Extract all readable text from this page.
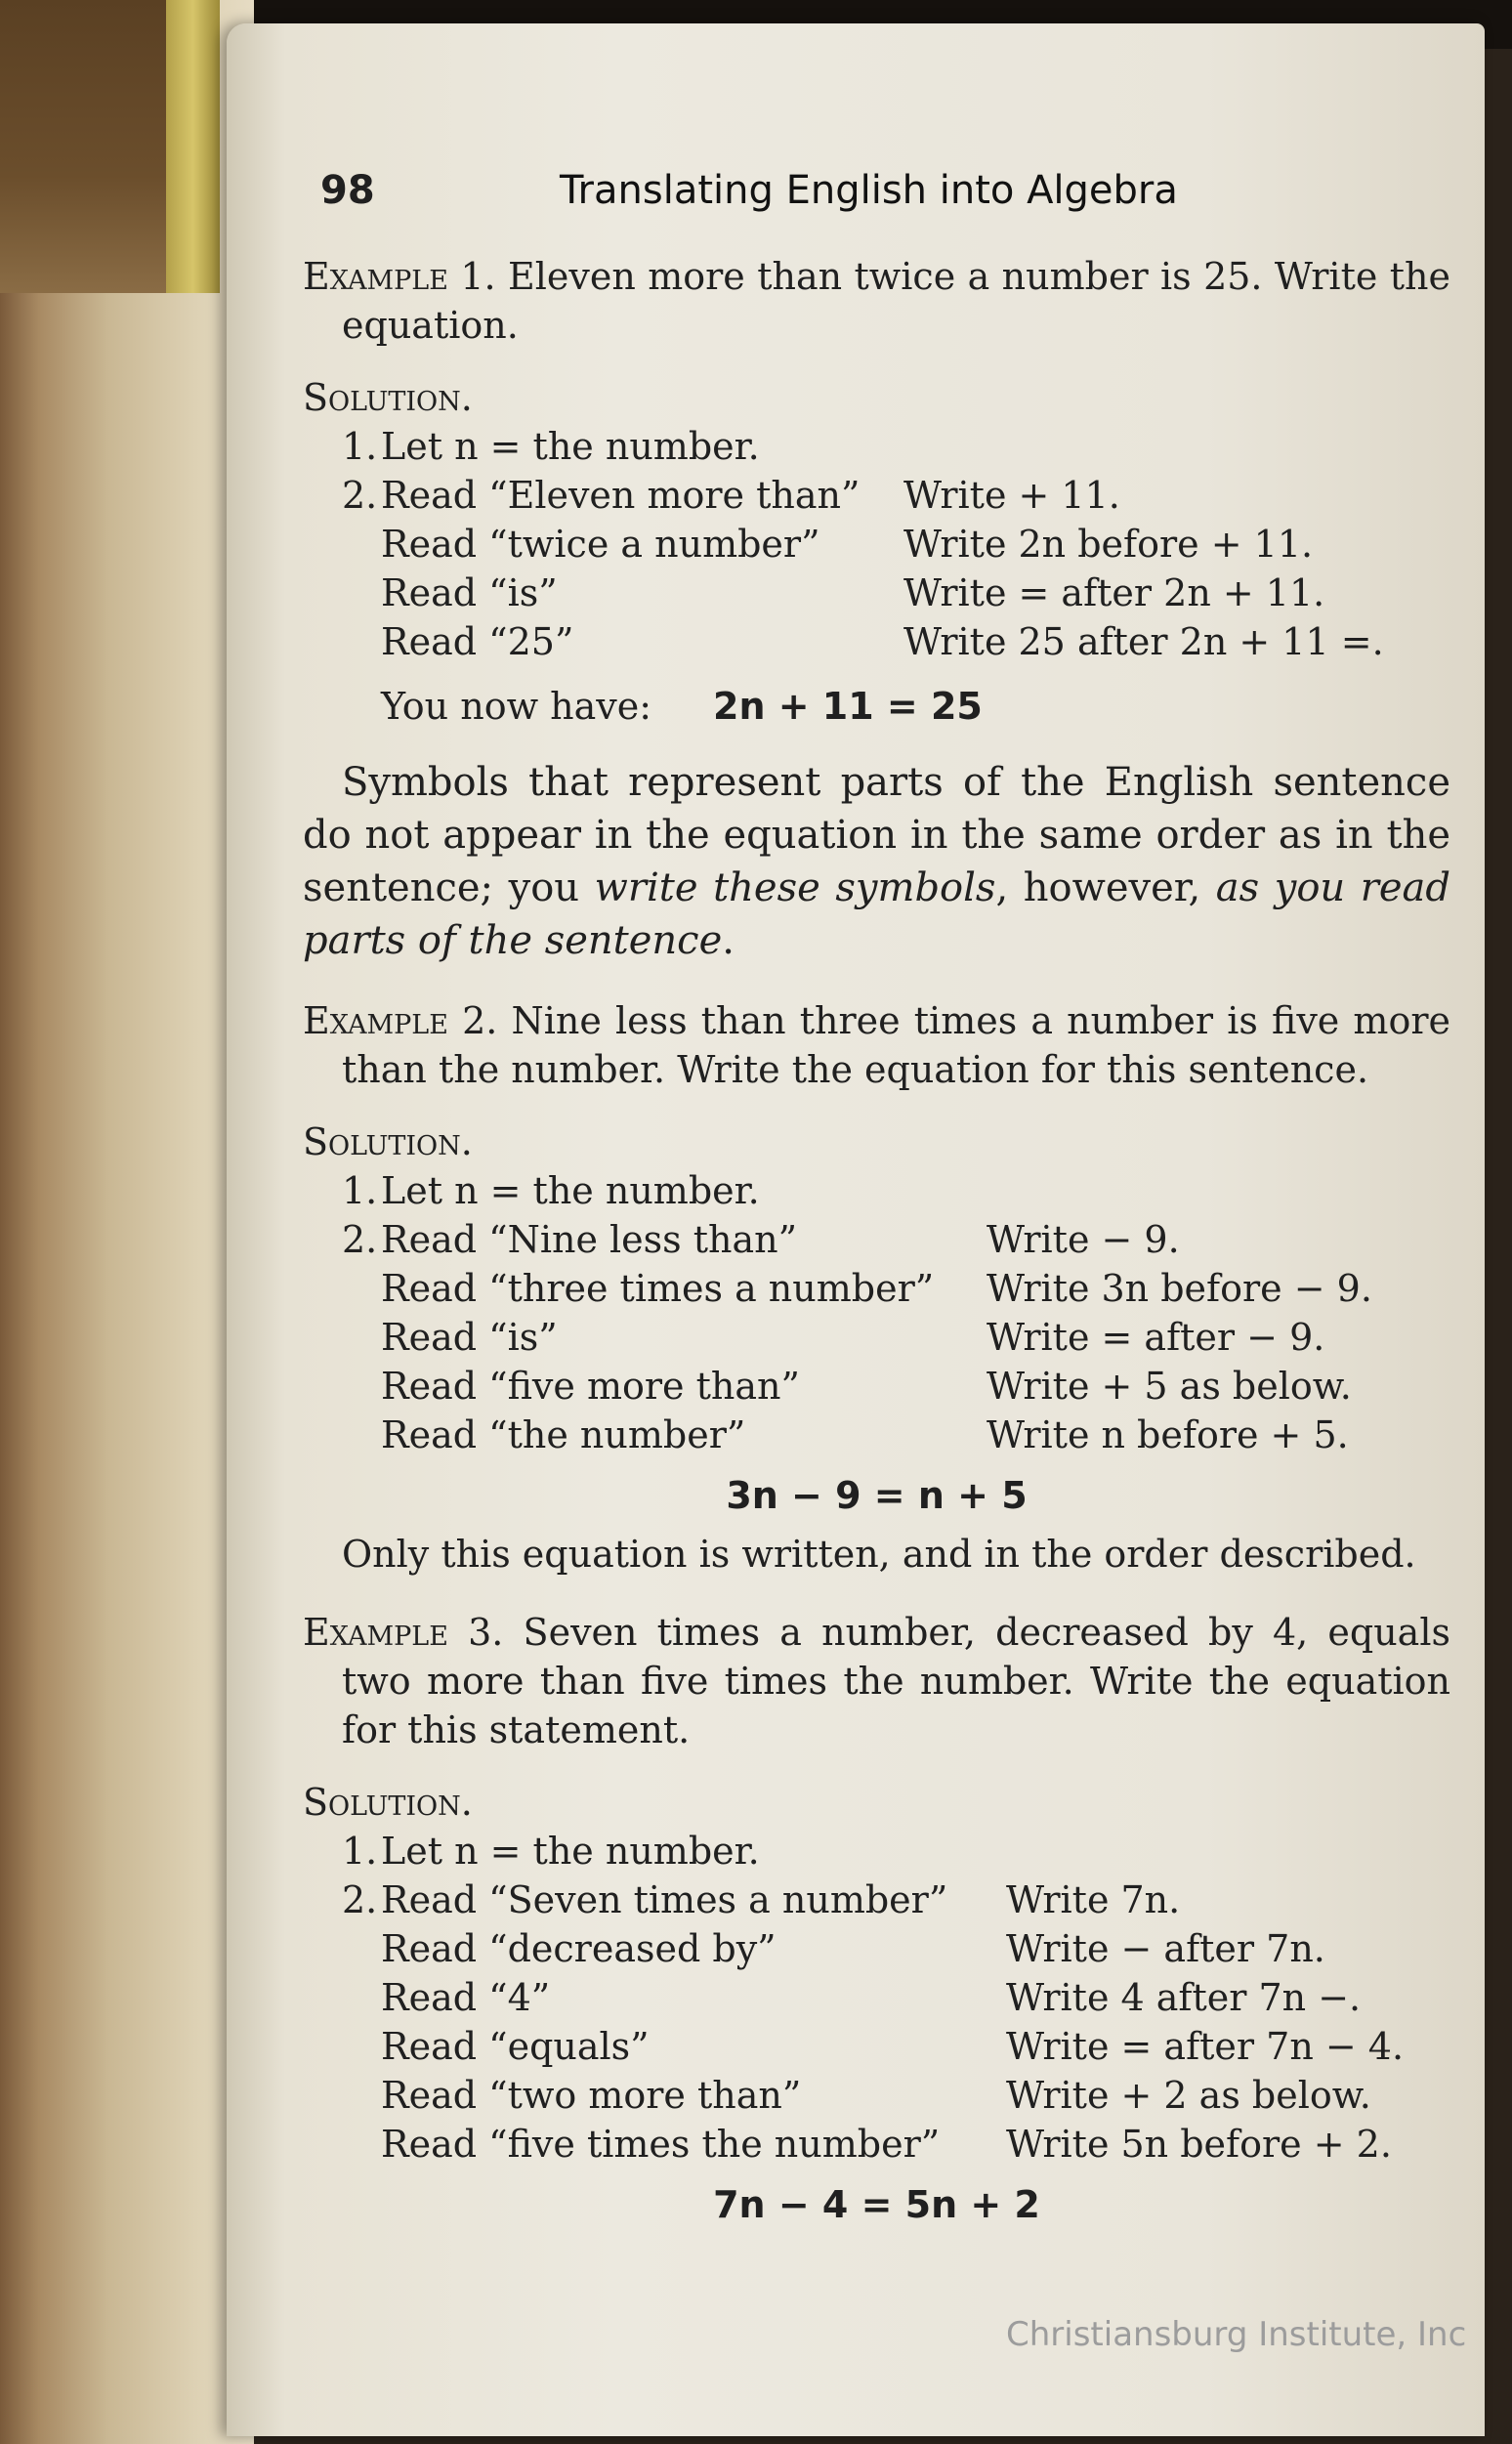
98	Translating English into Algebra
Example 1. Eleven more than twice a number is 25. Write the equation.
Solution.
1. Let n = the number.
2. Read “Eleven more than”	Write + 11.
Read “twice a number”	Write 2n before + 11.
Read “is”	Write = after 2n + 11.
Read “25”	Write 25 after 2n + 11 =.
You now have:	2n + 11 = 25
Symbols that represent parts of the English sentence do not appear in the equation in the same order as in the sentence; you write these symbols, however, as you read parts of the sentence.
Example 2. Nine less than three times a number is five more than the number. Write the equation for this sentence.
Solution.
1. Let n = the number.
2. Read “Nine less than”	Write − 9.
Read “three times a number”	Write 3n before − 9.
Read “is”	Write = after − 9.
Read “five more than”	Write + 5 as below.
Read “the number”	Write n before + 5.
3n − 9 = n + 5
Only this equation is written, and in the order described.
Example 3. Seven times a number, decreased by 4, equals two more than five times the number. Write the equation for this statement.
Solution.
1. Let n = the number.
2. Read “Seven times a number”	Write 7n.
Read “decreased by”	Write − after 7n.
Read “4”	Write 4 after 7n −.
Read “equals”	Write = after 7n − 4.
Read “two more than”	Write + 2 as below.
Read “five times the number”	Write 5n before + 2.
7n − 4 = 5n + 2
Christiansburg Institute, Inc
